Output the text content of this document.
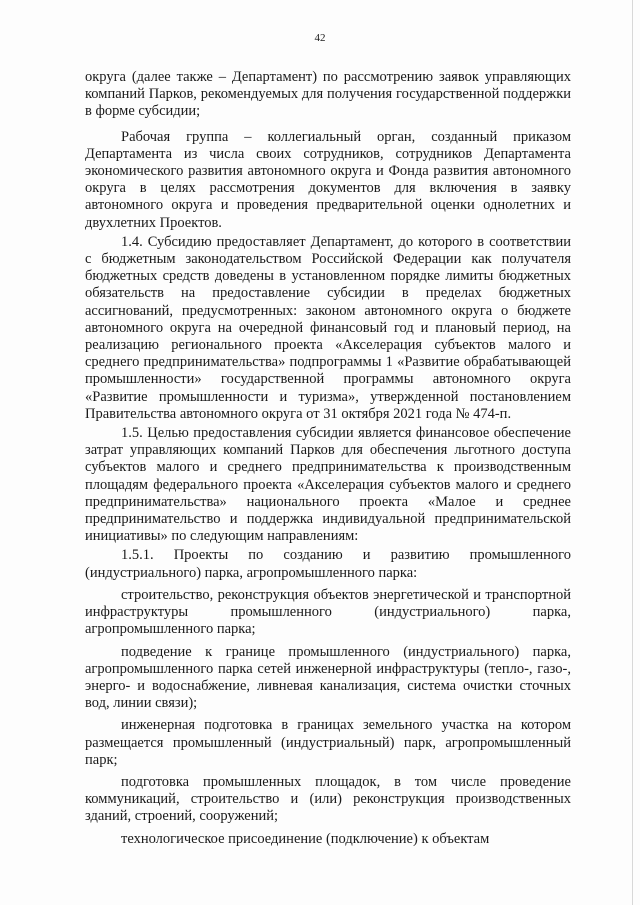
42

округа (далее также – Департамент) по рассмотрению заявок управляющих компаний Парков, рекомендуемых для получения государственной поддержки в форме субсидии;

Рабочая группа – коллегиальный орган, созданный приказом Департамента из числа своих сотрудников, сотрудников Департамента экономического развития автономного округа и Фонда развития автономного округа в целях рассмотрения документов для включения в заявку автономного округа и проведения предварительной оценки однолетних и двухлетних Проектов.

1.4. Субсидию предоставляет Департамент, до которого в соответствии с бюджетным законодательством Российской Федерации как получателя бюджетных средств доведены в установленном порядке лимиты бюджетных обязательств на предоставление субсидии в пределах бюджетных ассигнований, предусмотренных: законом автономного округа о бюджете автономного округа на очередной финансовый год и плановый период, на реализацию регионального проекта «Акселерация субъектов малого и среднего предпринимательства» подпрограммы 1 «Развитие обрабатывающей промышленности» государственной программы автономного округа «Развитие промышленности и туризма», утвержденной постановлением Правительства автономного округа от 31 октября 2021 года № 474-п.

1.5. Целью предоставления субсидии является финансовое обеспечение затрат управляющих компаний Парков для обеспечения льготного доступа субъектов малого и среднего предпринимательства к производственным площадям федерального проекта «Акселерация субъектов малого и среднего предпринимательства» национального проекта «Малое и среднее предпринимательство и поддержка индивидуальной предпринимательской инициативы» по следующим направлениям:

1.5.1. Проекты по созданию и развитию промышленного (индустриального) парка, агропромышленного парка:

строительство, реконструкция объектов энергетической и транспортной инфраструктуры промышленного (индустриального) парка, агропромышленного парка;

подведение к границе промышленного (индустриального) парка, агропромышленного парка сетей инженерной инфраструктуры (тепло-, газо-, энерго- и водоснабжение, ливневая канализация, система очистки сточных вод, линии связи);

инженерная подготовка в границах земельного участка на котором размещается промышленный (индустриальный) парк, агропромышленный парк;

подготовка промышленных площадок, в том числе проведение коммуникаций, строительство и (или) реконструкция производственных зданий, строений, сооружений;

технологическое присоединение (подключение) к объектам
